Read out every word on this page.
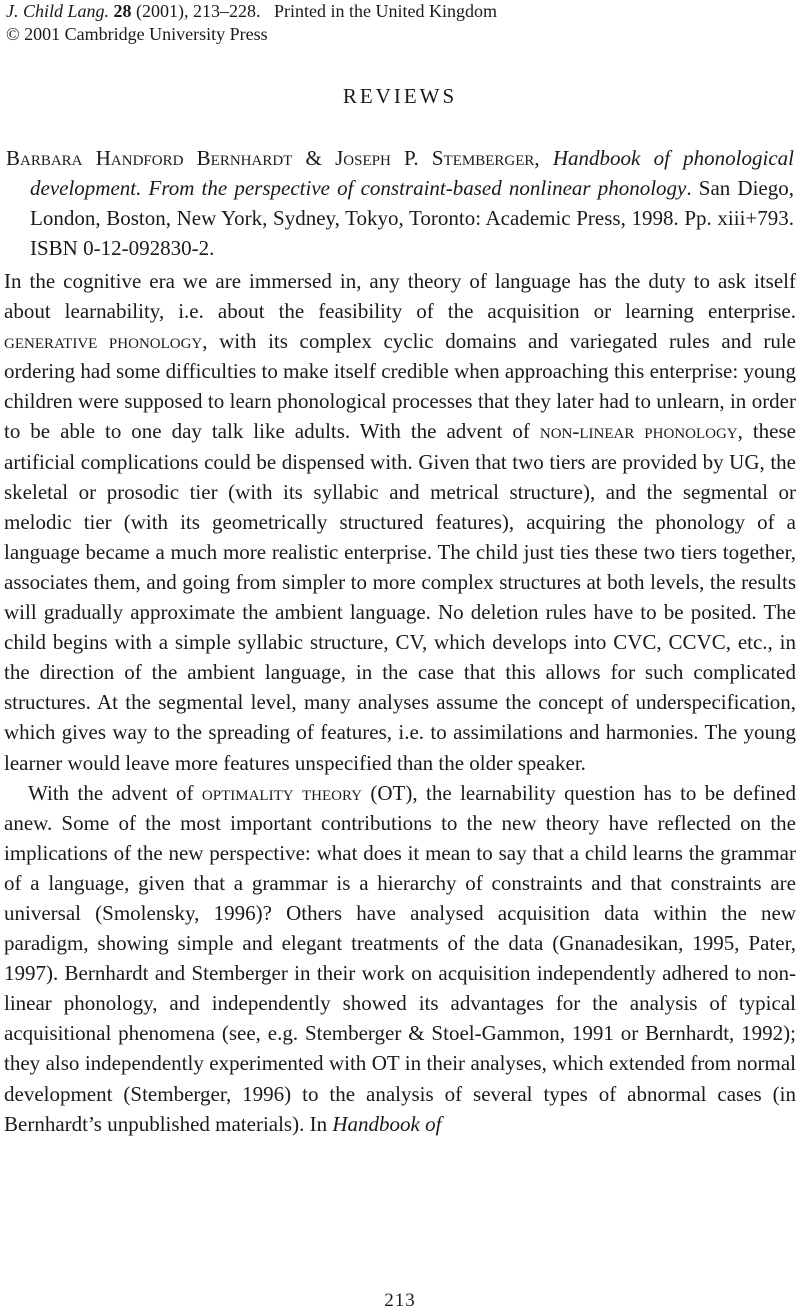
J. Child Lang. 28 (2001), 213–228. Printed in the United Kingdom
© 2001 Cambridge University Press
REVIEWS
Barbara Handford Bernhardt & Joseph P. Stemberger, Handbook of phonological development. From the perspective of constraint-based nonlinear phonology. San Diego, London, Boston, New York, Sydney, Tokyo, Toronto: Academic Press, 1998. Pp. xiii+793. ISBN 0-12-092830-2.

In the cognitive era we are immersed in, any theory of language has the duty to ask itself about learnability, i.e. about the feasibility of the acquisition or learning enterprise. generative phonology, with its complex cyclic domains and variegated rules and rule ordering had some difficulties to make itself credible when approaching this enterprise: young children were supposed to learn phonological processes that they later had to unlearn, in order to be able to one day talk like adults. With the advent of non-linear phonology, these artificial complications could be dispensed with. Given that two tiers are provided by UG, the skeletal or prosodic tier (with its syllabic and metrical structure), and the segmental or melodic tier (with its geometrically structured features), acquiring the phonology of a language became a much more realistic enterprise. The child just ties these two tiers together, associates them, and going from simpler to more complex structures at both levels, the results will gradually approximate the ambient language. No deletion rules have to be posited. The child begins with a simple syllabic structure, CV, which develops into CVC, CCVC, etc., in the direction of the ambient language, in the case that this allows for such complicated structures. At the segmental level, many analyses assume the concept of underspecification, which gives way to the spreading of features, i.e. to assimilations and harmonies. The young learner would leave more features unspecified than the older speaker.

With the advent of optimality theory (OT), the learnability question has to be defined anew. Some of the most important contributions to the new theory have reflected on the implications of the new perspective: what does it mean to say that a child learns the grammar of a language, given that a grammar is a hierarchy of constraints and that constraints are universal (Smolensky, 1996)? Others have analysed acquisition data within the new paradigm, showing simple and elegant treatments of the data (Gnanadesikan, 1995, Pater, 1997). Bernhardt and Stemberger in their work on acquisition independently adhered to non-linear phonology, and independently showed its advantages for the analysis of typical acquisitional phenomena (see, e.g. Stemberger & Stoel-Gammon, 1991 or Bernhardt, 1992); they also independently experimented with OT in their analyses, which extended from normal development (Stemberger, 1996) to the analysis of several types of abnormal cases (in Bernhardt’s unpublished materials). In Handbook of

213
